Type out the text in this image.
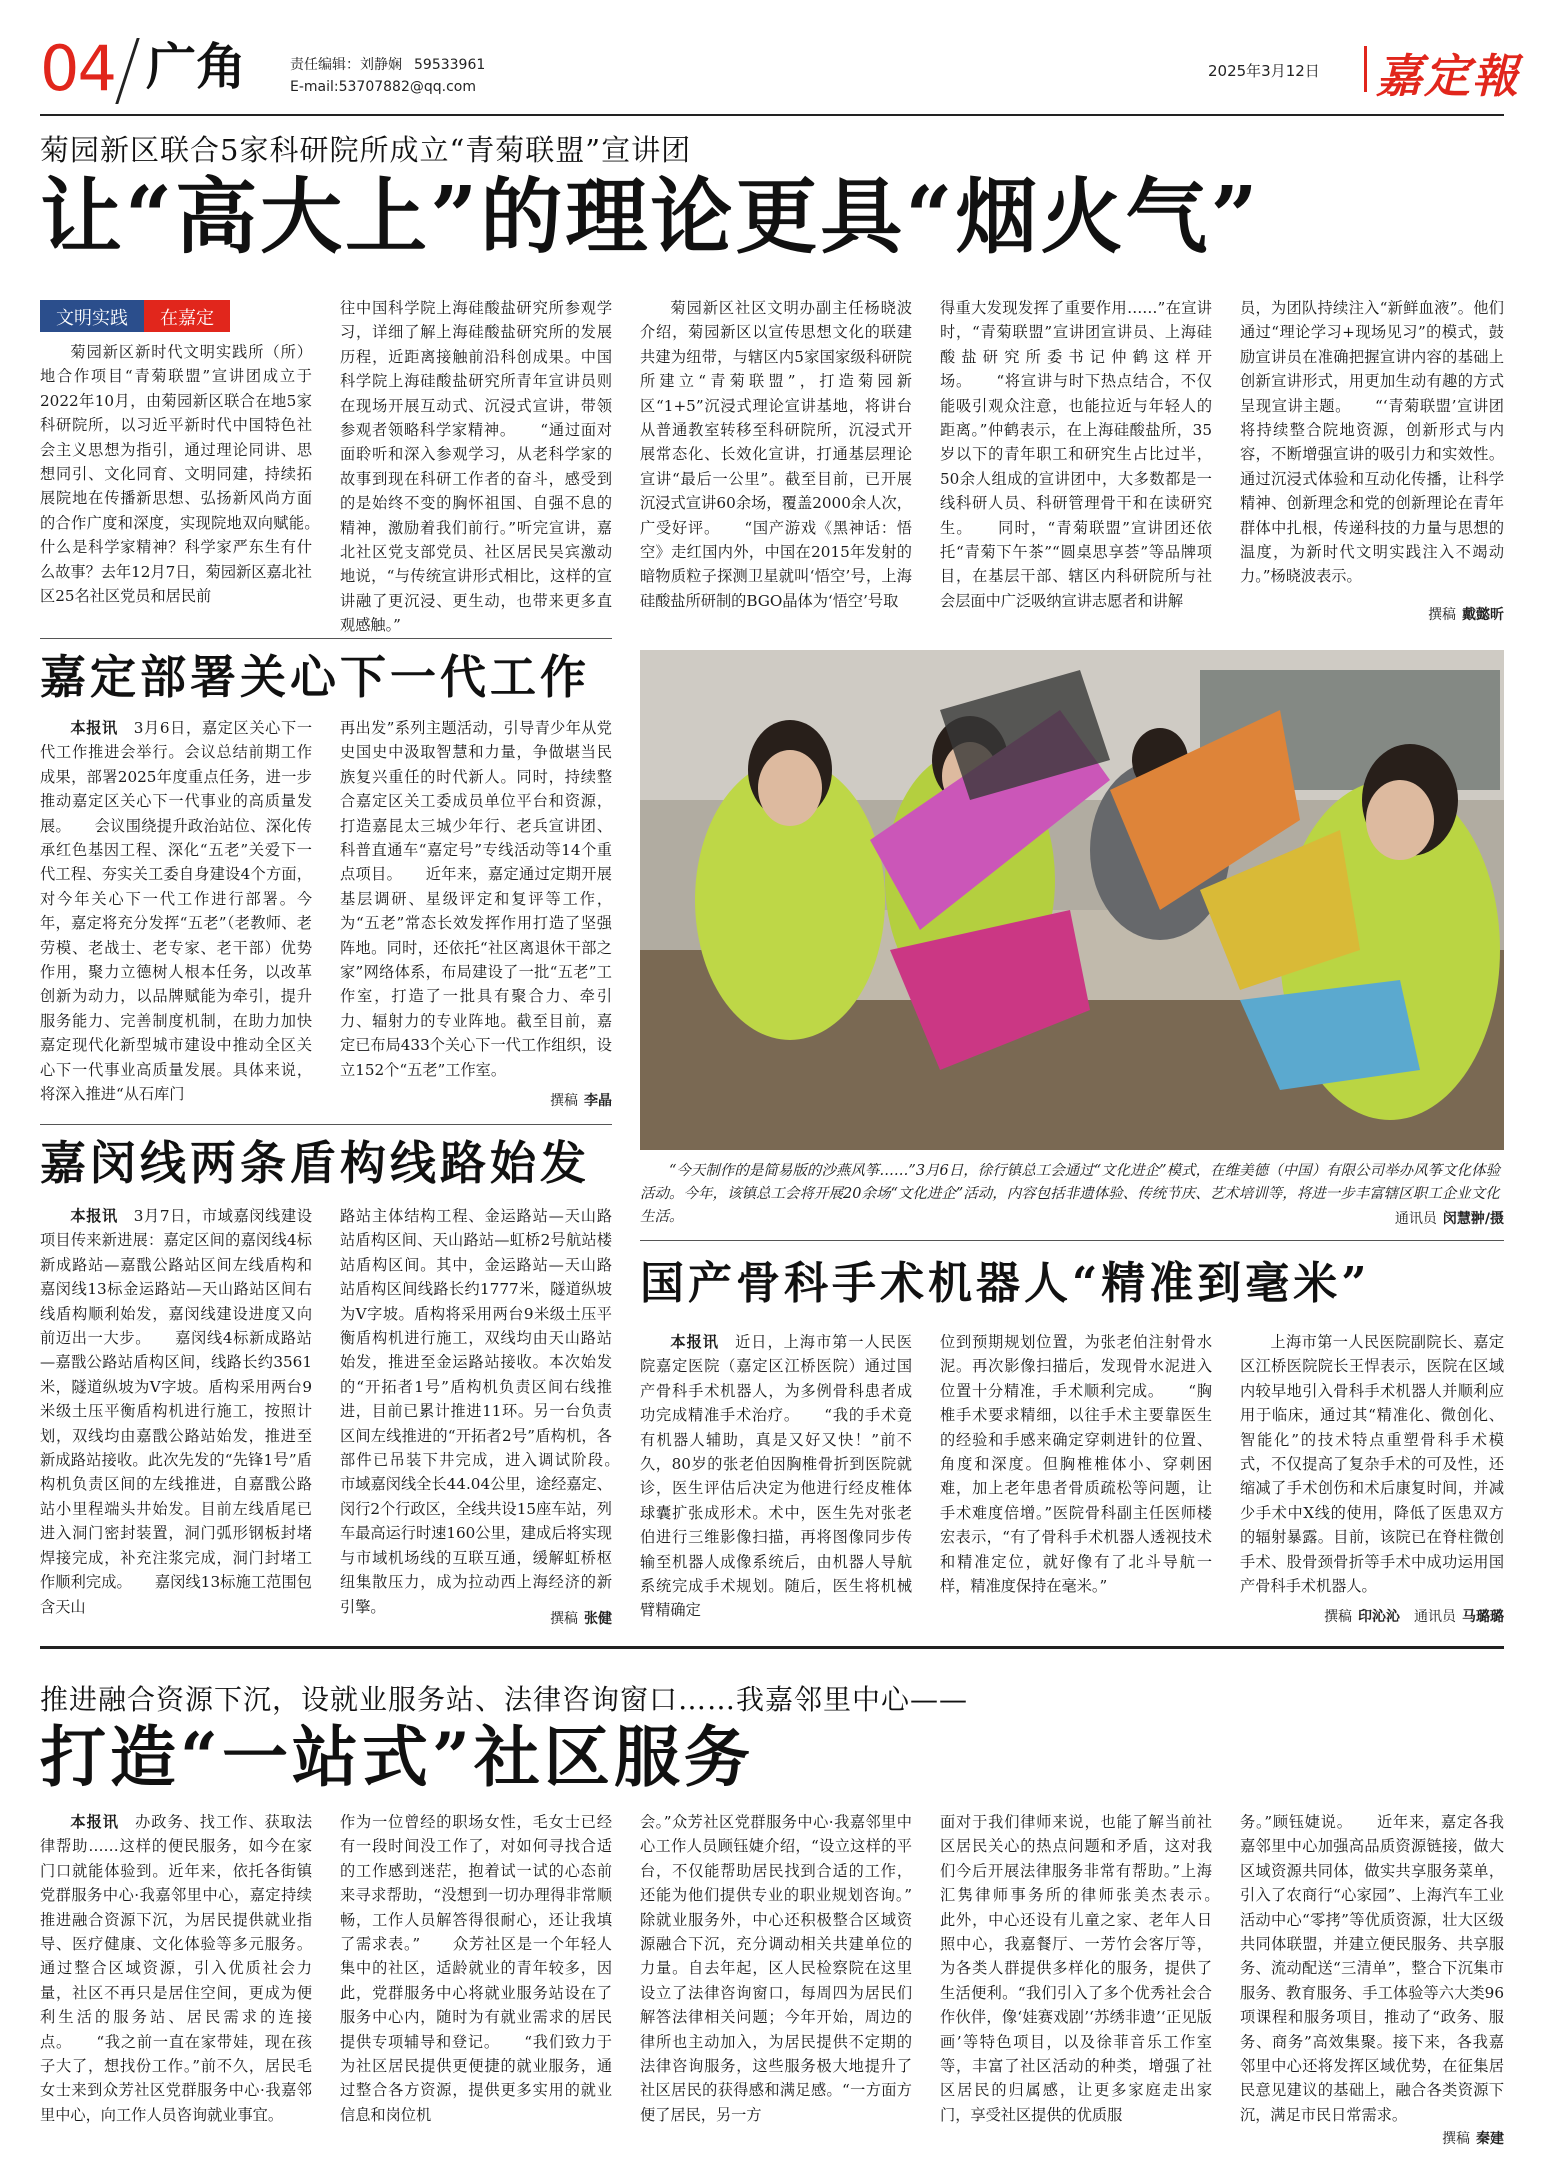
04 广角	责任编辑：刘静娴 59533961
E-mail:53707882@qq.com
2025年3月12日 嘉定報
菊园新区联合5家科研院所成立“青菊联盟”宣讲团
让“高大上”的理论更具“烟火气”
文明实践	在嘉定

菊园新区新时代文明实践所（所）地合作项目“青菊联盟”宣讲团成立于2022年10月，由菊园新区联合在地5家科研院所，以习近平新时代中国特色社会主义思想为指引，通过理论同讲、思想同引、文化同育、文明同建，持续拓展院地在传播新思想、弘扬新风尚方面的合作广度和深度，实现院地双向赋能。　　什么是科学家精神？科学家严东生有什么故事？去年12月7日，菊园新区嘉北社区25名社区党员和居民前

往中国科学院上海硅酸盐研究所参观学习，详细了解上海硅酸盐研究所的发展历程，近距离接触前沿科创成果。中国科学院上海硅酸盐研究所青年宣讲员则在现场开展互动式、沉浸式宣讲，带领参观者领略科学家精神。　　“通过面对面聆听和深入参观学习，从老科学家的故事到现在科研工作者的奋斗，感受到的是始终不变的胸怀祖国、自强不息的精神，激励着我们前行。”听完宣讲，嘉北社区党支部党员、社区居民吴宾激动地说，“与传统宣讲形式相比，这样的宣讲融了更沉浸、更生动，也带来更多直观感触。”

菊园新区社区文明办副主任杨晓波介绍，菊园新区以宣传思想文化的联建共建为纽带，与辖区内5家国家级科研院所建立“青菊联盟”，打造菊园新区“1+5”沉浸式理论宣讲基地，将讲台从普通教室转移至科研院所，沉浸式开展常态化、长效化宣讲，打通基层理论宣讲“最后一公里”。截至目前，已开展沉浸式宣讲60余场，覆盖2000余人次，广受好评。　　“国产游戏《黑神话：悟空》走红国内外，中国在2015年发射的暗物质粒子探测卫星就叫‘悟空’号，上海硅酸盐所研制的BGO晶体为‘悟空’号取

得重大发现发挥了重要作用……”在宣讲时，“青菊联盟”宣讲团宣讲员、上海硅酸盐研究所委书记仲鹤这样开场。　　“将宣讲与时下热点结合，不仅能吸引观众注意，也能拉近与年轻人的距离。”仲鹤表示，在上海硅酸盐所，35岁以下的青年职工和研究生占比过半，50余人组成的宣讲团中，大多数都是一线科研人员、科研管理骨干和在读研究生。　　同时，“青菊联盟”宣讲团还依托“青菊下午茶”“圆桌思享荟”等品牌项目，在基层干部、辖区内科研院所与社会层面中广泛吸纳宣讲志愿者和讲解

员，为团队持续注入“新鲜血液”。他们通过“理论学习+现场见习”的模式，鼓励宣讲员在准确把握宣讲内容的基础上创新宣讲形式，用更加生动有趣的方式呈现宣讲主题。　　“‘青菊联盟’宣讲团将持续整合院地资源，创新形式与内容，不断增强宣讲的吸引力和实效性。通过沉浸式体验和互动化传播，让科学精神、创新理念和党的创新理论在青年群体中扎根，传递科技的力量与思想的温度，为新时代文明实践注入不竭动力。”杨晓波表示。

撰稿 戴懿昕
嘉定部署关心下一代工作

本报讯　 3月6日，嘉定区关心下一代工作推进会举行。会议总结前期工作成果，部署2025年度重点任务，进一步推动嘉定区关心下一代事业的高质量发展。　　会议围绕提升政治站位、深化传承红色基因工程、深化“五老”关爱下一代工程、夯实关工委自身建设4个方面，对今年关心下一代工作进行部署。今年，嘉定将充分发挥“五老”（老教师、老劳模、老战士、老专家、老干部）优势作用，聚力立德树人根本任务，以改革创新为动力，以品牌赋能为牵引，提升服务能力、完善制度机制，在助力加快嘉定现代化新型城市建设中推动全区关心下一代事业高质量发展。具体来说，将深入推进“从石库门

再出发”系列主题活动，引导青少年从党史国史中汲取智慧和力量，争做堪当民族复兴重任的时代新人。同时，持续整合嘉定区关工委成员单位平台和资源，打造嘉昆太三城少年行、老兵宣讲团、科普直通车“嘉定号”专线活动等14个重点项目。　　近年来，嘉定通过定期开展基层调研、星级评定和复评等工作，为“五老”常态长效发挥作用打造了坚强阵地。同时，还依托“社区离退休干部之家”网络体系，布局建设了一批“五老”工作室，打造了一批具有聚合力、牵引力、辐射力的专业阵地。截至目前，嘉定已布局433个关心下一代工作组织，设立152个“五老”工作室。

撰稿 李晶
嘉闵线两条盾构线路始发

本报讯　 3月7日，市域嘉闵线建设项目传来新进展：嘉定区间的嘉闵线4标新成路站—嘉戬公路站区间左线盾构和嘉闵线13标金运路站—天山路站区间右线盾构顺利始发，嘉闵线建设进度又向前迈出一大步。　　嘉闵线4标新成路站—嘉戬公路站盾构区间，线路长约3561米，隧道纵坡为V字坡。盾构采用两台9米级土压平衡盾构机进行施工，按照计划，双线均由嘉戬公路站始发，推进至新成路站接收。此次先发的“先锋1号”盾构机负责区间的左线推进，自嘉戬公路站小里程端头井始发。目前左线盾尾已进入洞门密封装置，洞门弧形钢板封堵焊接完成，补充注浆完成，洞门封堵工作顺利完成。　　嘉闵线13标施工范围包含天山

路站主体结构工程、金运路站—天山路站盾构区间、天山路站—虹桥2号航站楼站盾构区间。其中，金运路站—天山路站盾构区间线路长约1777米，隧道纵坡为V字坡。盾构将采用两台9米级土压平衡盾构机进行施工，双线均由天山路站始发，推进至金运路站接收。本次始发的“开拓者1号”盾构机负责区间右线推进，目前已累计推进11环。另一台负责区间左线推进的“开拓者2号”盾构机，各部件已吊装下井完成，进入调试阶段。　　市域嘉闵线全长44.04公里，途经嘉定、闵行2个行政区，全线共设15座车站，列车最高运行时速160公里，建成后将实现与市域机场线的互联互通，缓解虹桥枢纽集散压力，成为拉动西上海经济的新引擎。

撰稿 张健
“今天制作的是简易版的沙燕风筝……”3月6日，徐行镇总工会通过“文化进企”模式，在维美德（中国）有限公司举办风筝文化体验活动。今年，该镇总工会将开展20余场“文化进企”活动，内容包括非遗体验、传统节庆、艺术培训等，将进一步丰富辖区职工企业文化生活。	通讯员 闵慧翀/摄
国产骨科手术机器人“精准到毫米”

本报讯　 近日，上海市第一人民医院嘉定医院（嘉定区江桥医院）通过国产骨科手术机器人，为多例骨科患者成功完成精准手术治疗。　　“我的手术竟有机器人辅助，真是又好又快！”前不久，80岁的张老伯因胸椎骨折到医院就诊，医生评估后决定为他进行经皮椎体球囊扩张成形术。术中，医生先对张老伯进行三维影像扫描，再将图像同步传输至机器人成像系统后，由机器人导航系统完成手术规划。随后，医生将机械臂精确定

位到预期规划位置，为张老伯注射骨水泥。再次影像扫描后，发现骨水泥进入位置十分精准，手术顺利完成。　　“胸椎手术要求精细，以往手术主要靠医生的经验和手感来确定穿刺进针的位置、角度和深度。但胸椎椎体小、穿刺困难，加上老年患者骨质疏松等问题，让手术难度倍增。”医院骨科副主任医师楼宏表示，“有了骨科手术机器人透视技术和精准定位，就好像有了北斗导航一样，精准度保持在毫米。”

上海市第一人民医院副院长、嘉定区江桥医院院长王悍表示，医院在区域内较早地引入骨科手术机器人并顺利应用于临床，通过其“精准化、微创化、智能化”的技术特点重塑骨科手术模式，不仅提高了复杂手术的可及性，还缩减了手术创伤和术后康复时间，并减少手术中X线的使用，降低了医患双方的辐射暴露。目前，该院已在脊柱微创手术、股骨颈骨折等手术中成功运用国产骨科手术机器人。

撰稿 印沁沁　 通讯员 马璐璐
推进融合资源下沉，设就业服务站、法律咨询窗口……我嘉邻里中心——
打造“一站式”社区服务

本报讯　 办政务、找工作、获取法律帮助……这样的便民服务，如今在家门口就能体验到。近年来，依托各街镇党群服务中心·我嘉邻里中心，嘉定持续推进融合资源下沉，为居民提供就业指导、医疗健康、文化体验等多元服务。通过整合区域资源，引入优质社会力量，社区不再只是居住空间，更成为便利生活的服务站、居民需求的连接点。　　“我之前一直在家带娃，现在孩子大了，想找份工作。”前不久，居民毛女士来到众芳社区党群服务中心·我嘉邻里中心，向工作人员咨询就业事宜。

作为一位曾经的职场女性，毛女士已经有一段时间没工作了，对如何寻找合适的工作感到迷茫，抱着试一试的心态前来寻求帮助，“没想到一切办理得非常顺畅，工作人员解答得很耐心，还让我填了需求表。”　　众芳社区是一个年轻人集中的社区，适龄就业的青年较多，因此，党群服务中心将就业服务站设在了服务中心内，随时为有就业需求的居民提供专项辅导和登记。　　“我们致力于为社区居民提供更便捷的就业服务，通过整合各方资源，提供更多实用的就业信息和岗位机

会。”众芳社区党群服务中心·我嘉邻里中心工作人员顾钰婕介绍，“设立这样的平台，不仅能帮助居民找到合适的工作，还能为他们提供专业的职业规划咨询。”　　除就业服务外，中心还积极整合区域资源融合下沉，充分调动相关共建单位的力量。自去年起，区人民检察院在这里设立了法律咨询窗口，每周四为居民们解答法律相关问题；今年开始，周边的律所也主动加入，为居民提供不定期的法律咨询服务，这些服务极大地提升了社区居民的获得感和满足感。“一方面方便了居民，另一方

面对于我们律师来说，也能了解当前社区居民关心的热点问题和矛盾，这对我们今后开展法律服务非常有帮助。”上海汇隽律师事务所的律师张美杰表示。　　此外，中心还设有儿童之家、老年人日照中心，我嘉餐厅、一芳竹会客厅等，为各类人群提供多样化的服务，提供了生活便利。“我们引入了多个优秀社会合作伙伴，像‘娃赛戏剧’‘苏绣非遗’‘正见版画’等特色项目，以及徐菲音乐工作室等，丰富了社区活动的种类，增强了社区居民的归属感，让更多家庭走出家门，享受社区提供的优质服

务。”顾钰婕说。　　近年来，嘉定各我嘉邻里中心加强高品质资源链接，做大区域资源共同体，做实共享服务菜单，引入了农商行“心家园”、上海汽车工业活动中心“零拷”等优质资源，壮大区级共同体联盟，并建立便民服务、共享服务、流动配送“三清单”，整合下沉集市服务、教育服务、手工体验等六大类96项课程和服务项目，推动了“政务、服务、商务”高效集聚。接下来，各我嘉邻里中心还将发挥区域优势，在征集居民意见建议的基础上，融合各类资源下沉，满足市民日常需求。

撰稿 秦建
